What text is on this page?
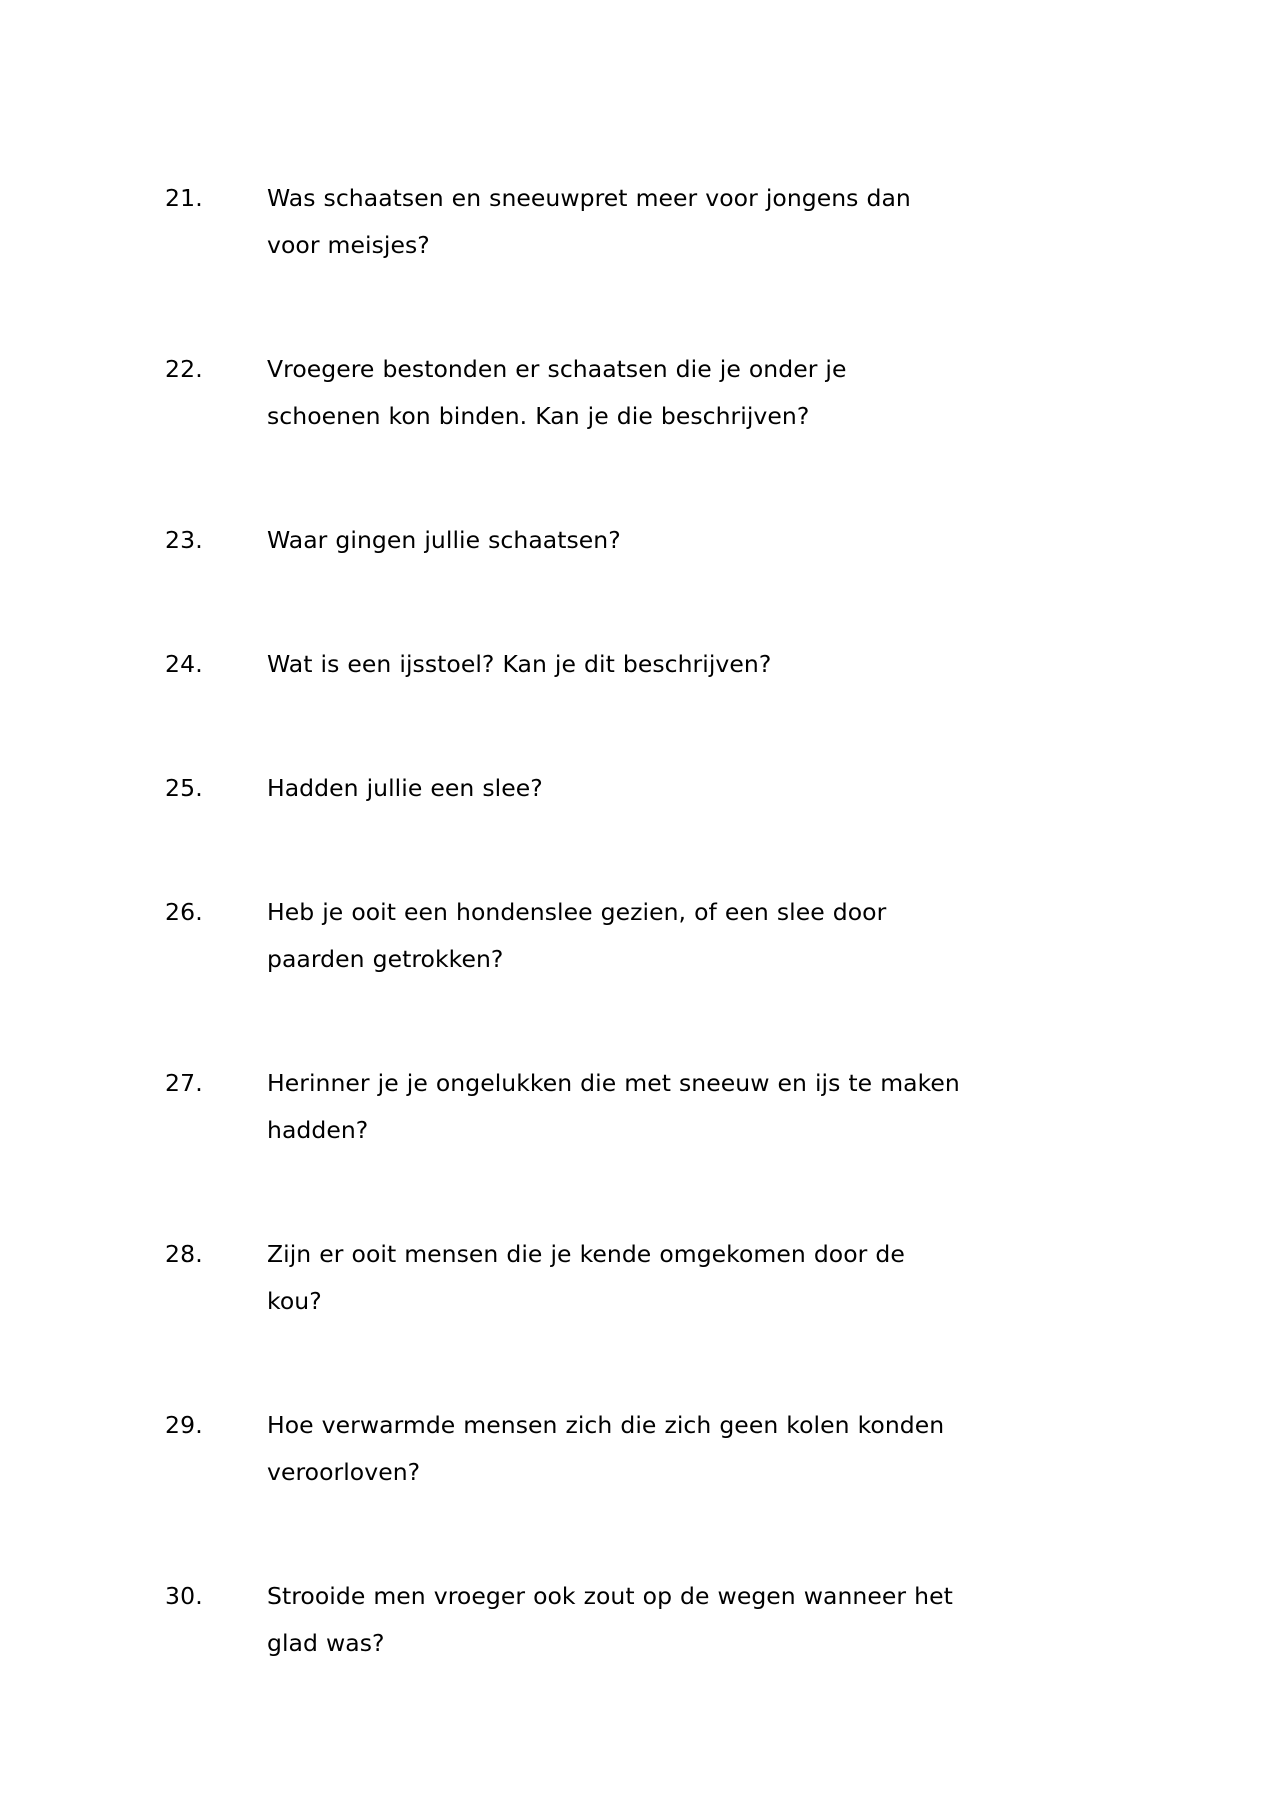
21.	Was schaatsen en sneeuwpret meer voor jongens dan voor meisjes?
22.	Vroegere bestonden er schaatsen die je onder je schoenen kon binden. Kan je die beschrijven?
23.	Waar gingen jullie schaatsen?
24.	Wat is een ijsstoel? Kan je dit beschrijven?
25.	Hadden jullie een slee?
26.	Heb je ooit een hondenslee gezien, of een slee door paarden getrokken?
27.	Herinner je je ongelukken die met sneeuw en ijs te maken hadden?
28.	Zijn er ooit mensen die je kende omgekomen door de kou?
29.	Hoe verwarmde mensen zich die zich geen kolen konden veroorloven?
30.	Strooide men vroeger ook zout op de wegen wanneer het glad was?
